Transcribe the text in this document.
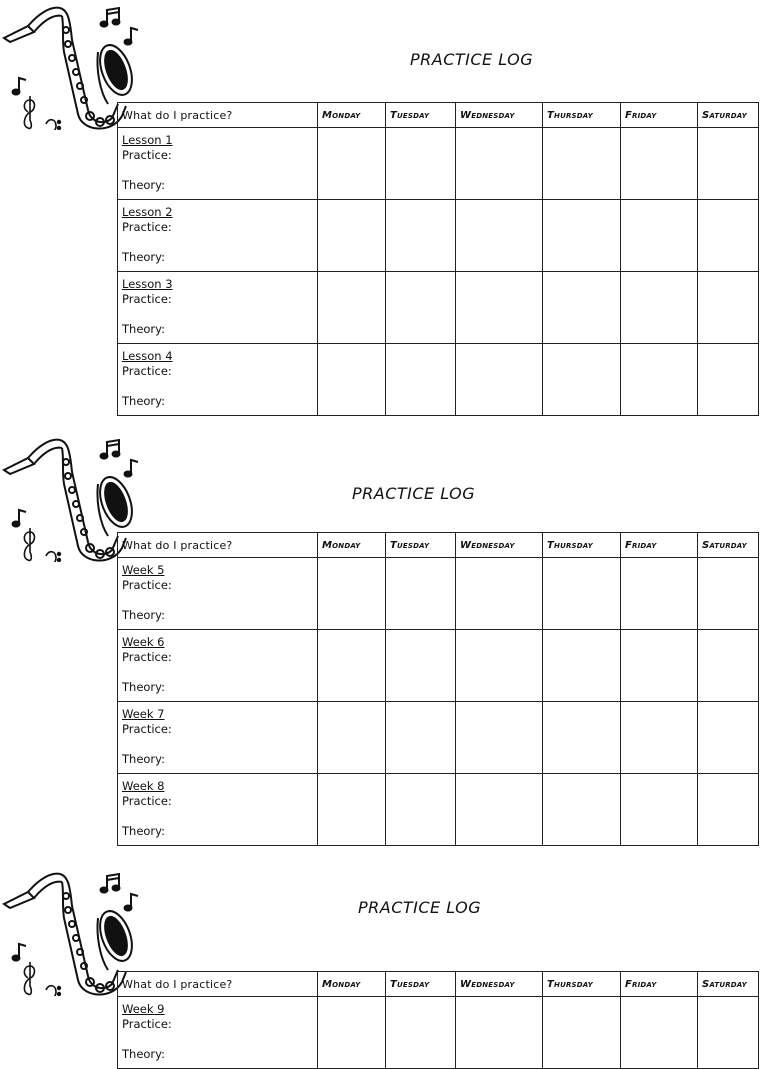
PRACTICE LOG
What do I practice?	Monday	Tuesday	Wednesday	Thursday	Friday	Saturday

Lesson 1
Practice:
Theory:						

Lesson 2
Practice:
Theory:						

Lesson 3
Practice:
Theory:						

Lesson 4
Practice:
Theory:						

PRACTICE LOG
What do I practice?	Monday	Tuesday	Wednesday	Thursday	Friday	Saturday

Week 5
Practice:
Theory:						

Week 6
Practice:
Theory:						

Week 7
Practice:
Theory:						

Week 8
Practice:
Theory:						

PRACTICE LOG
What do I practice?	Monday	Tuesday	Wednesday	Thursday	Friday	Saturday

Week 9
Practice:
Theory:						
